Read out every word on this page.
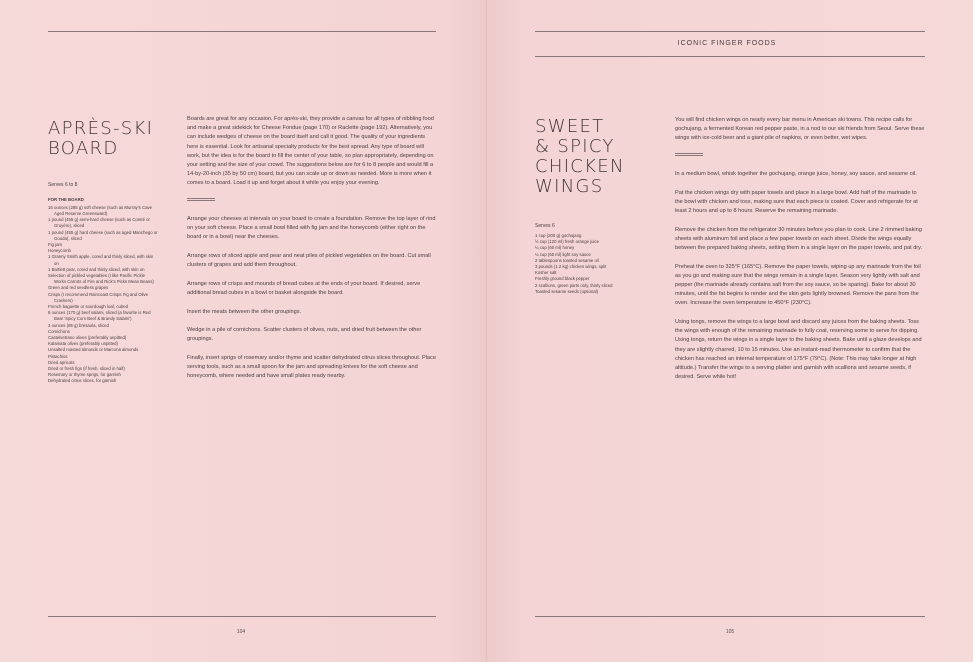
APRÈS-SKI
BOARD
Serves 6 to 8
FOR THE BOARD
16 ounces (285 g) soft cheese (such as Murray's Cave Aged Reserve Greensward)
1 pound (455 g) semi-hard cheese (such as Comté or Gruyère), sliced
1 pound (455 g) hard cheese (such as aged Manchego or Gouda), sliced
Fig jam
Honeycomb
1 Granny Smith apple, cored and thinly sliced, with skin on
1 Bartlett pear, cored and thinly sliced, with skin on
Selection of pickled vegetables (I like Pacific Pickle Works Carrots of Fire and Rick's Picks Mean Beans)
Green and red seedless grapes
Crisps (I recommend Raincoast Crisps Fig and Olive Crackers)
French baguette or sourdough loaf, cubed
8 ounces (170 g) beef salami, sliced (a favorite is Red Bear 'Spicy Corn Beef & Brandy Salami')
3 ounces (85 g) bresaola, sliced
Cornichons
Castelvetrano olives (preferably unpitted)
Kalamata olives (preferably unpitted)
Unsalted roasted almonds or Marcona almonds
Pistachios
Dried apricots
Dried or fresh figs (if fresh, sliced in half)
Rosemary or thyme sprigs, for garnish
Dehydrated citrus slices, for garnish

Boards are great for any occasion. For après-ski, they provide a canvas for all types of nibbling food and make a great sidekick for Cheese Fondue (page 170) or Raclette (page 192). Alternatively, you can include wedges of cheese on the board itself and call it good. The quality of your ingredients here is essential. Look for artisanal specialty products for the best spread. Any type of board will work, but the idea is for the board to fill the center of your table, so plan appropriately, depending on your setting and the size of your crowd. The suggestions below are for 6 to 8 people and would fill a 14-by-20-inch (35 by 50 cm) board, but you can scale up or down as needed. More is more when it comes to a board. Load it up and forget about it while you enjoy your evening.

Arrange your cheeses at intervals on your board to create a foundation. Remove the top layer of rind on your soft cheese. Place a small bowl filled with fig jam and the honeycomb (either right on the board or in a bowl) near the cheeses.

Arrange rows of sliced apple and pear and neat piles of pickled vegetables on the board. Cut small clusters of grapes and add them throughout.

Arrange rows of crisps and mounds of bread cubes at the ends of your board. If desired, serve additional bread cubes in a bowl or basket alongside the board.

Insert the meats between the other groupings.

Wedge in a pile of cornichons. Scatter clusters of olives, nuts, and dried fruit between the other groupings.

Finally, insert sprigs of rosemary and/or thyme and scatter dehydrated citrus slices throughout. Place serving tools, such as a small spoon for the jam and spreading knives for the soft cheese and honeycomb, where needed and have small plates ready nearby.

104
ICONIC FINGER FOODS
SWEET
& SPICY
CHICKEN
WINGS
Serves 6
1 cup (200 g) gochujang
½ cup (120 ml) fresh orange juice
¼ cup (60 ml) honey
¼ cup (60 ml) light soy sauce
2 tablespoons toasted sesame oil
3 pounds (1.2 kg) chicken wings, split
Kosher salt
Freshly ground black pepper
2 scallions, green parts only, thinly sliced
Toasted sesame seeds (optional)

You will find chicken wings on nearly every bar menu in American ski towns. This recipe calls for gochujang, a fermented Korean red pepper paste, in a nod to our ski friends from Seoul. Serve these wings with ice-cold beer and a giant pile of napkins, or even better, wet wipes.

In a medium bowl, whisk together the gochujang, orange juice, honey, soy sauce, and sesame oil.

Pat the chicken wings dry with paper towels and place in a large bowl. Add half of the marinade to the bowl with chicken and toss, making sure that each piece is coated. Cover and refrigerate for at least 2 hours and up to 8 hours. Reserve the remaining marinade.

Remove the chicken from the refrigerator 30 minutes before you plan to cook. Line 2 rimmed baking sheets with aluminum foil and place a few paper towels on each sheet. Divide the wings equally between the prepared baking sheets, setting them in a single layer on the paper towels, and pat dry.

Preheat the oven to 325°F (165°C). Remove the paper towels, wiping up any marinade from the foil as you go and making sure that the wings remain in a single layer. Season very lightly with salt and pepper (the marinade already contains salt from the soy sauce, so be sparing). Bake for about 30 minutes, until the fat begins to render and the skin gets lightly browned. Remove the pans from the oven. Increase the oven temperature to 450°F (230°C).

Using tongs, remove the wings to a large bowl and discard any juices from the baking sheets. Toss the wings with enough of the remaining marinade to fully coat, reserving some to serve for dipping. Using tongs, return the wings in a single layer to the baking sheets. Bake until a glaze develops and they are slightly charred, 10 to 15 minutes. Use an instant-read thermometer to confirm that the chicken has reached an internal temperature of 175°F (79°C). (Note: This may take longer at high altitude.) Transfer the wings to a serving platter and garnish with scallions and sesame seeds, if desired. Serve while hot!

105
